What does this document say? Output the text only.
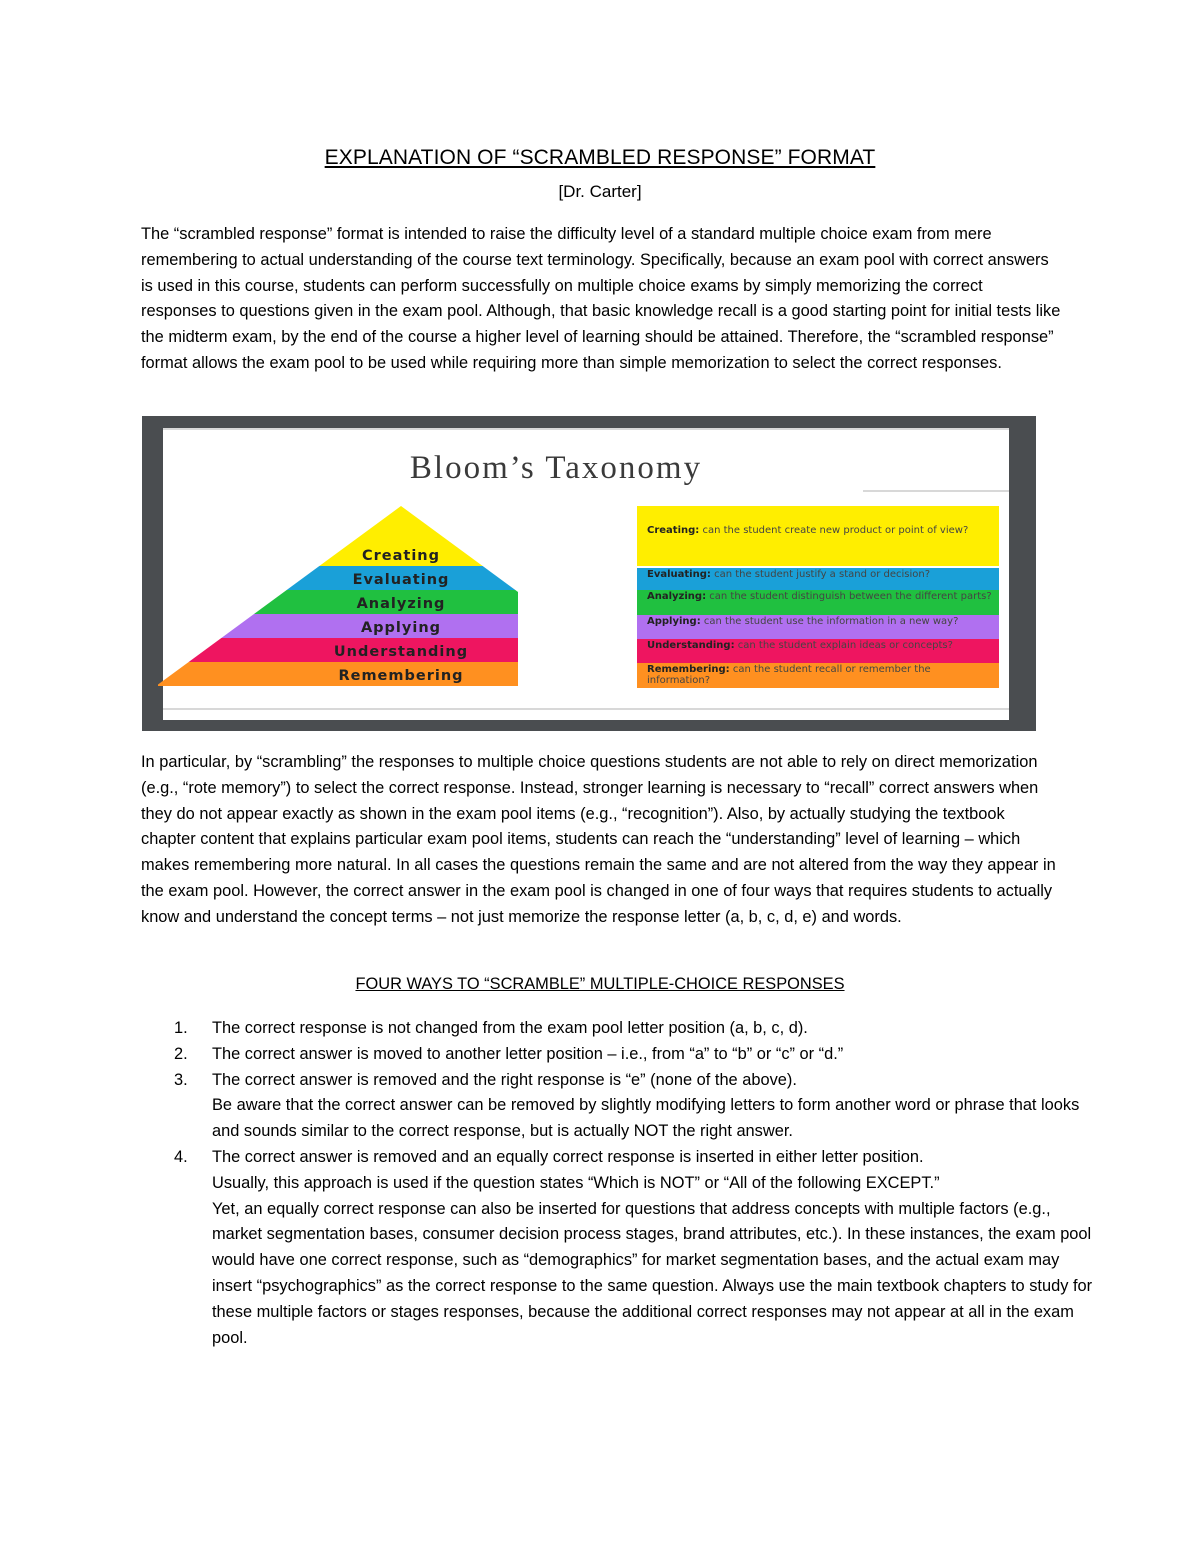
EXPLANATION OF “SCRAMBLED RESPONSE” FORMAT
[Dr. Carter]

The “scrambled response” format is intended to raise the difficulty level of a standard multiple choice exam from mere remembering to actual understanding of the course text terminology. Specifically, because an exam pool with correct answers is used in this course, students can perform successfully on multiple choice exams by simply memorizing the correct responses to questions given in the exam pool. Although, that basic knowledge recall is a good starting point for initial tests like the midterm exam, by the end of the course a higher level of learning should be attained. Therefore, the “scrambled response” format allows the exam pool to be used while requiring more than simple memorization to select the correct responses.

Bloom’s Taxonomy
Creating
Evaluating
Analyzing
Applying
Understanding
Remembering
Creating: can the student create new product or point of view?
Evaluating: can the student justify a stand or decision?
Analyzing: can the student distinguish between the different parts?
Applying: can the student use the information in a new way?
Understanding: can the student explain ideas or concepts?
Remembering: can the student recall or remember the information?

In particular, by “scrambling” the responses to multiple choice questions students are not able to rely on direct memorization (e.g., “rote memory”) to select the correct response. Instead, stronger learning is necessary to “recall” correct answers when they do not appear exactly as shown in the exam pool items (e.g., “recognition”). Also, by actually studying the textbook chapter content that explains particular exam pool items, students can reach the “understanding” level of learning – which makes remembering more natural. In all cases the questions remain the same and are not altered from the way they appear in the exam pool. However, the correct answer in the exam pool is changed in one of four ways that requires students to actually know and understand the concept terms – not just memorize the response letter (a, b, c, d, e) and words.

FOUR WAYS TO “SCRAMBLE” MULTIPLE-CHOICE RESPONSES
1. The correct response is not changed from the exam pool letter position (a, b, c, d).
2. The correct answer is moved to another letter position – i.e., from “a” to “b” or “c” or “d.”
3. The correct answer is removed and the right response is “e” (none of the above).
Be aware that the correct answer can be removed by slightly modifying letters to form another word or phrase that looks and sounds similar to the correct response, but is actually NOT the right answer.
4. The correct answer is removed and an equally correct response is inserted in either letter position.
Usually, this approach is used if the question states “Which is NOT” or “All of the following EXCEPT.”
Yet, an equally correct response can also be inserted for questions that address concepts with multiple factors (e.g., market segmentation bases, consumer decision process stages, brand attributes, etc.). In these instances, the exam pool would have one correct response, such as “demographics” for market segmentation bases, and the actual exam may insert “psychographics” as the correct response to the same question. Always use the main textbook chapters to study for these multiple factors or stages responses, because the additional correct responses may not appear at all in the exam pool.
